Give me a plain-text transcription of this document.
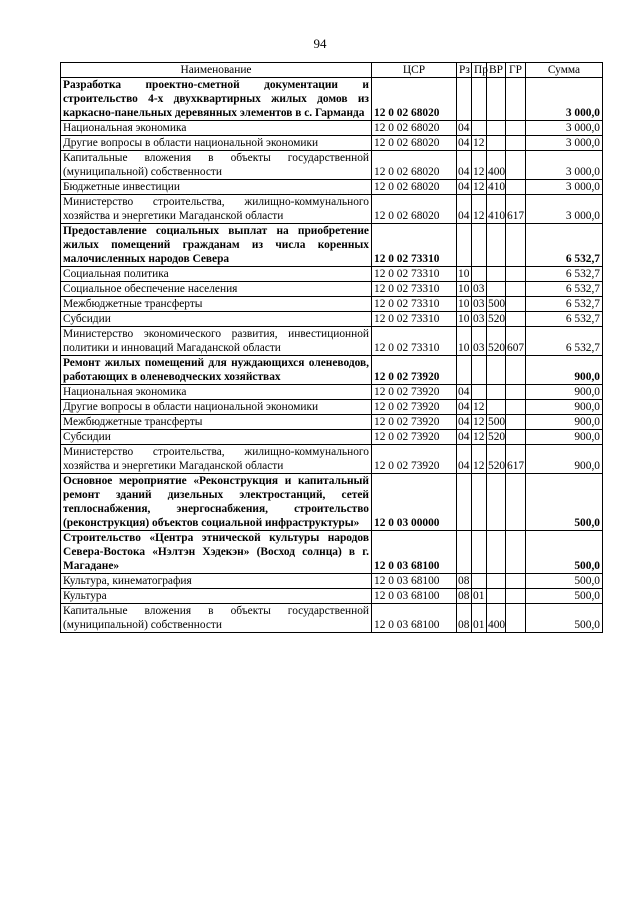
94
Наименование	ЦСР	Рз	Пр	ВР	ГР	Сумма
Разработка проектно-сметной документации и строительство 4-х двухквартирных жилых домов из каркасно-панельных деревянных элементов в с. Гарманда	12 0 02 68020					3 000,0
Национальная экономика	12 0 02 68020	04				3 000,0
Другие вопросы в области национальной экономики	12 0 02 68020	04	12			3 000,0
Капитальные вложения в объекты государственной (муниципальной) собственности	12 0 02 68020	04	12	400		3 000,0
Бюджетные инвестиции	12 0 02 68020	04	12	410		3 000,0
Министерство строительства, жилищно-коммунального хозяйства и энергетики Магаданской области	12 0 02 68020	04	12	410	617	3 000,0
Предоставление социальных выплат на приобретение жилых помещений гражданам из числа коренных малочисленных народов Севера	12 0 02 73310					6 532,7
Социальная политика	12 0 02 73310	10				6 532,7
Социальное обеспечение населения	12 0 02 73310	10	03			6 532,7
Межбюджетные трансферты	12 0 02 73310	10	03	500		6 532,7
Субсидии	12 0 02 73310	10	03	520		6 532,7
Министерство экономического развития, инвестиционной политики и инноваций Магаданской области	12 0 02 73310	10	03	520	607	6 532,7
Ремонт жилых помещений для нуждающихся оленеводов, работающих в оленеводческих хозяйствах	12 0 02 73920					900,0
Национальная экономика	12 0 02 73920	04				900,0
Другие вопросы в области национальной экономики	12 0 02 73920	04	12			900,0
Межбюджетные трансферты	12 0 02 73920	04	12	500		900,0
Субсидии	12 0 02 73920	04	12	520		900,0
Министерство строительства, жилищно-коммунального хозяйства и энергетики Магаданской области	12 0 02 73920	04	12	520	617	900,0
Основное мероприятие «Реконструкция и капитальный ремонт зданий дизельных электростанций, сетей теплоснабжения, энергоснабжения, строительство (реконструкция) объектов социальной инфраструктуры»	12 0 03 00000					500,0
Строительство «Центра этнической культуры народов Севера-Востока «Нэлтэн Хэдекэн» (Восход солнца) в г. Магадане»	12 0 03 68100					500,0
Культура, кинематография	12 0 03 68100	08				500,0
Культура	12 0 03 68100	08	01			500,0
Капитальные вложения в объекты государственной (муниципальной) собственности	12 0 03 68100	08	01	400		500,0
